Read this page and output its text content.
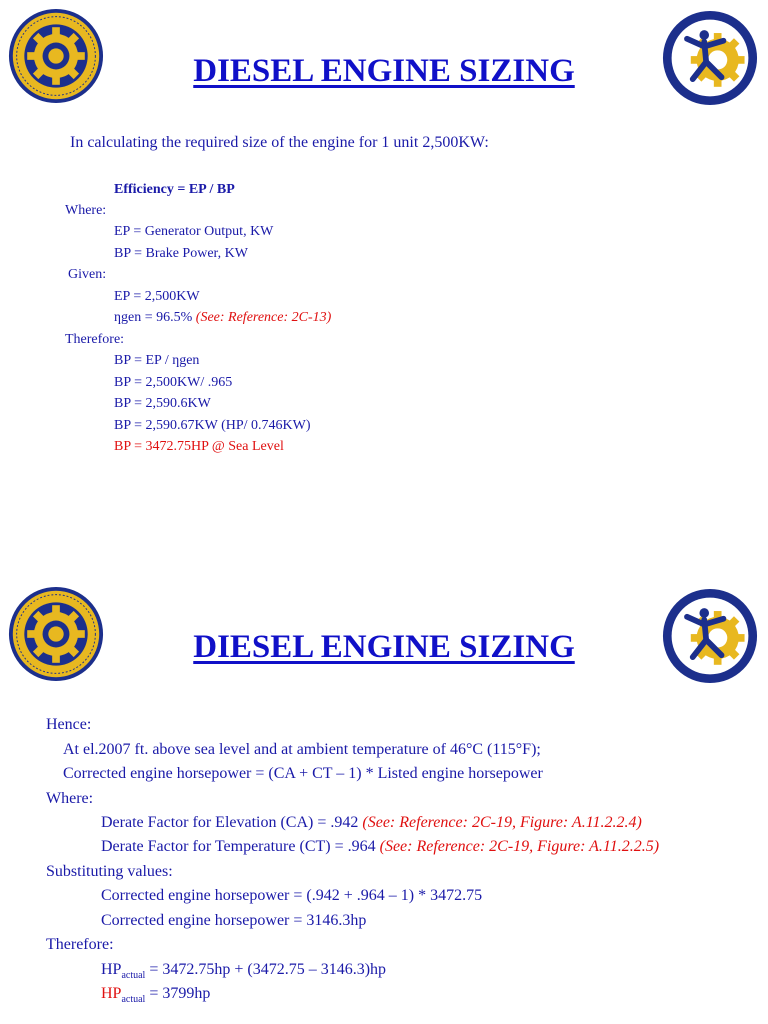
DIESEL ENGINE SIZING
In calculating the required size of the engine for 1 unit 2,500KW:
Efficiency = EP / BP
Where:
EP = Generator Output, KW
BP = Brake Power, KW
Given:
EP = 2,500KW
ƞgen = 96.5% (See: Reference: 2C-13)
Therefore:
BP = EP / ƞgen
BP = 2,500KW/ .965
BP = 2,590.6KW
BP = 2,590.67KW (HP/ 0.746KW)
BP = 3472.75HP @ Sea Level
DIESEL ENGINE SIZING
Hence:
At el.2007 ft. above sea level and at ambient temperature of 46°C (115°F);
Corrected engine horsepower = (CA + CT – 1) * Listed engine horsepower
Where:
Derate Factor for Elevation (CA) = .942 (See: Reference: 2C-19, Figure: A.11.2.2.4)
Derate Factor for Temperature (CT) = .964 (See: Reference: 2C-19, Figure: A.11.2.2.5)
Substituting values:
Corrected engine horsepower = (.942 + .964 – 1) * 3472.75
Corrected engine horsepower = 3146.3hp
Therefore:
$HP_{actual} = 3472.75hp + (3472.75 - 3146.3)hp$
$HP_{actual} = 3799hp$
